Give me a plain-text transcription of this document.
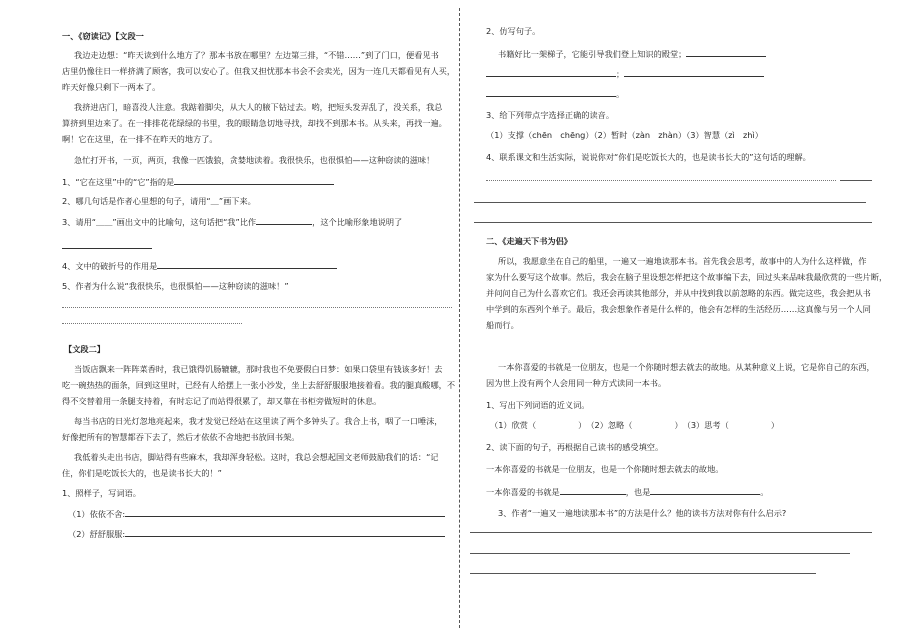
一、《窃读记》【文段一
我边走边想：“昨天读到什么地方了？那本书放在哪里？左边第三排，“不错……”到了门口，便看见书
店里仍像往日一样挤满了顾客，我可以安心了。但我又担忧那本书会不会卖光，因为一连几天都看见有人买，
昨天好像只剩下一两本了。
我挤进店门，暗喜没人注意。我踮着脚尖，从大人的腋下钻过去。哟，把短头发弄乱了，没关系，我总
算挤到里边来了。在一排排花花绿绿的书里，我的眼睛急切地寻找，却找不到那本书。从头来，再找一遍。
啊！它在这里，在一排不在昨天的地方了。
急忙打开书，一页，两页，我像一匹饿狼，贪婪地读着。我很快乐，也很惧怕——这种窃读的滋味！
1、“它在这里”中的“它”指的是
2、哪几句话是作者心里想的句子，请用“＿”画下来。
3、请用“＿＿”画出文中的比喻句，这句话把“我”比作	，这个比喻形象地说明了
4、文中的破折号的作用是
5、作者为什么说“我很快乐，也很惧怕——这种窃读的滋味！”
【文段二】
当饭店飘来一阵阵菜香时，我已饿得饥肠辘辘，那时我也不免要假白日梦：如果口袋里有钱该多好！去
吃一碗热热的面条，回到这里时，已经有人给摆上一张小沙发，坐上去舒舒服服地接着看。我的腿真酸哪，不
得不交替着用一条腿支持着，有时忘记了而站得很累了，却又靠在书柜旁做短时的休息。
每当书店的日光灯忽地亮起来，我才发觉已经站在这里读了两个多钟头了。我合上书，咽了一口唾沫，
好像把所有的智慧都吞下去了，然后才依依不舍地把书放回书架。
我低着头走出书店，脚站得有些麻木，我却浑身轻松。这时，我总会想起国文老师鼓励我们的话：“记
住，你们是吃饭长大的，也是读书长大的！”
1、照样子，写词语。
（1）依依不舍:
（2）舒舒服服:
2、仿写句子。
书籍好比一架梯子，它能引导我们登上知识的殿堂；
；
。
3、给下列带点字选择正确的读音。
（1）支撑（chēn　chēng）（2）暂时（zàn　zhàn）（3）智慧（zì　zhì）
4、联系课文和生活实际，说说你对“你们是吃饭长大的，也是读书长大的”这句话的理解。
二、《走遍天下书为侣》
所以，我愿意坐在自己的船里，一遍又一遍地读那本书。首先我会思考，故事中的人为什么这样做，作
家为什么要写这个故事。然后，我会在脑子里设想怎样把这个故事编下去，回过头来品味我最欣赏的一些片断，
并问问自己为什么喜欢它们。我还会再读其他部分，并从中找到我以前忽略的东西。做完这些，我会把从书
中学到的东西列个单子。最后，我会想象作者是什么样的，他会有怎样的生活经历……这真像与另一个人同
船而行。
一本你喜爱的书就是一位朋友，也是一个你随时想去就去的故地。从某种意义上说，它是你自己的东西，
因为世上没有两个人会用同一种方式读同一本书。
1、写出下列词语的近义词。
（1）欣赏（	）　（2）忽略（	）　（3）思考（	）
2、读下面的句子，再根据自己读书的感受填空。
一本你喜爱的书就是一位朋友，也是一个你随时想去就去的故地。
一本你喜爱的书就是	，也是	。
3、作者“一遍又一遍地读那本书”的方法是什么？他的读书方法对你有什么启示?
